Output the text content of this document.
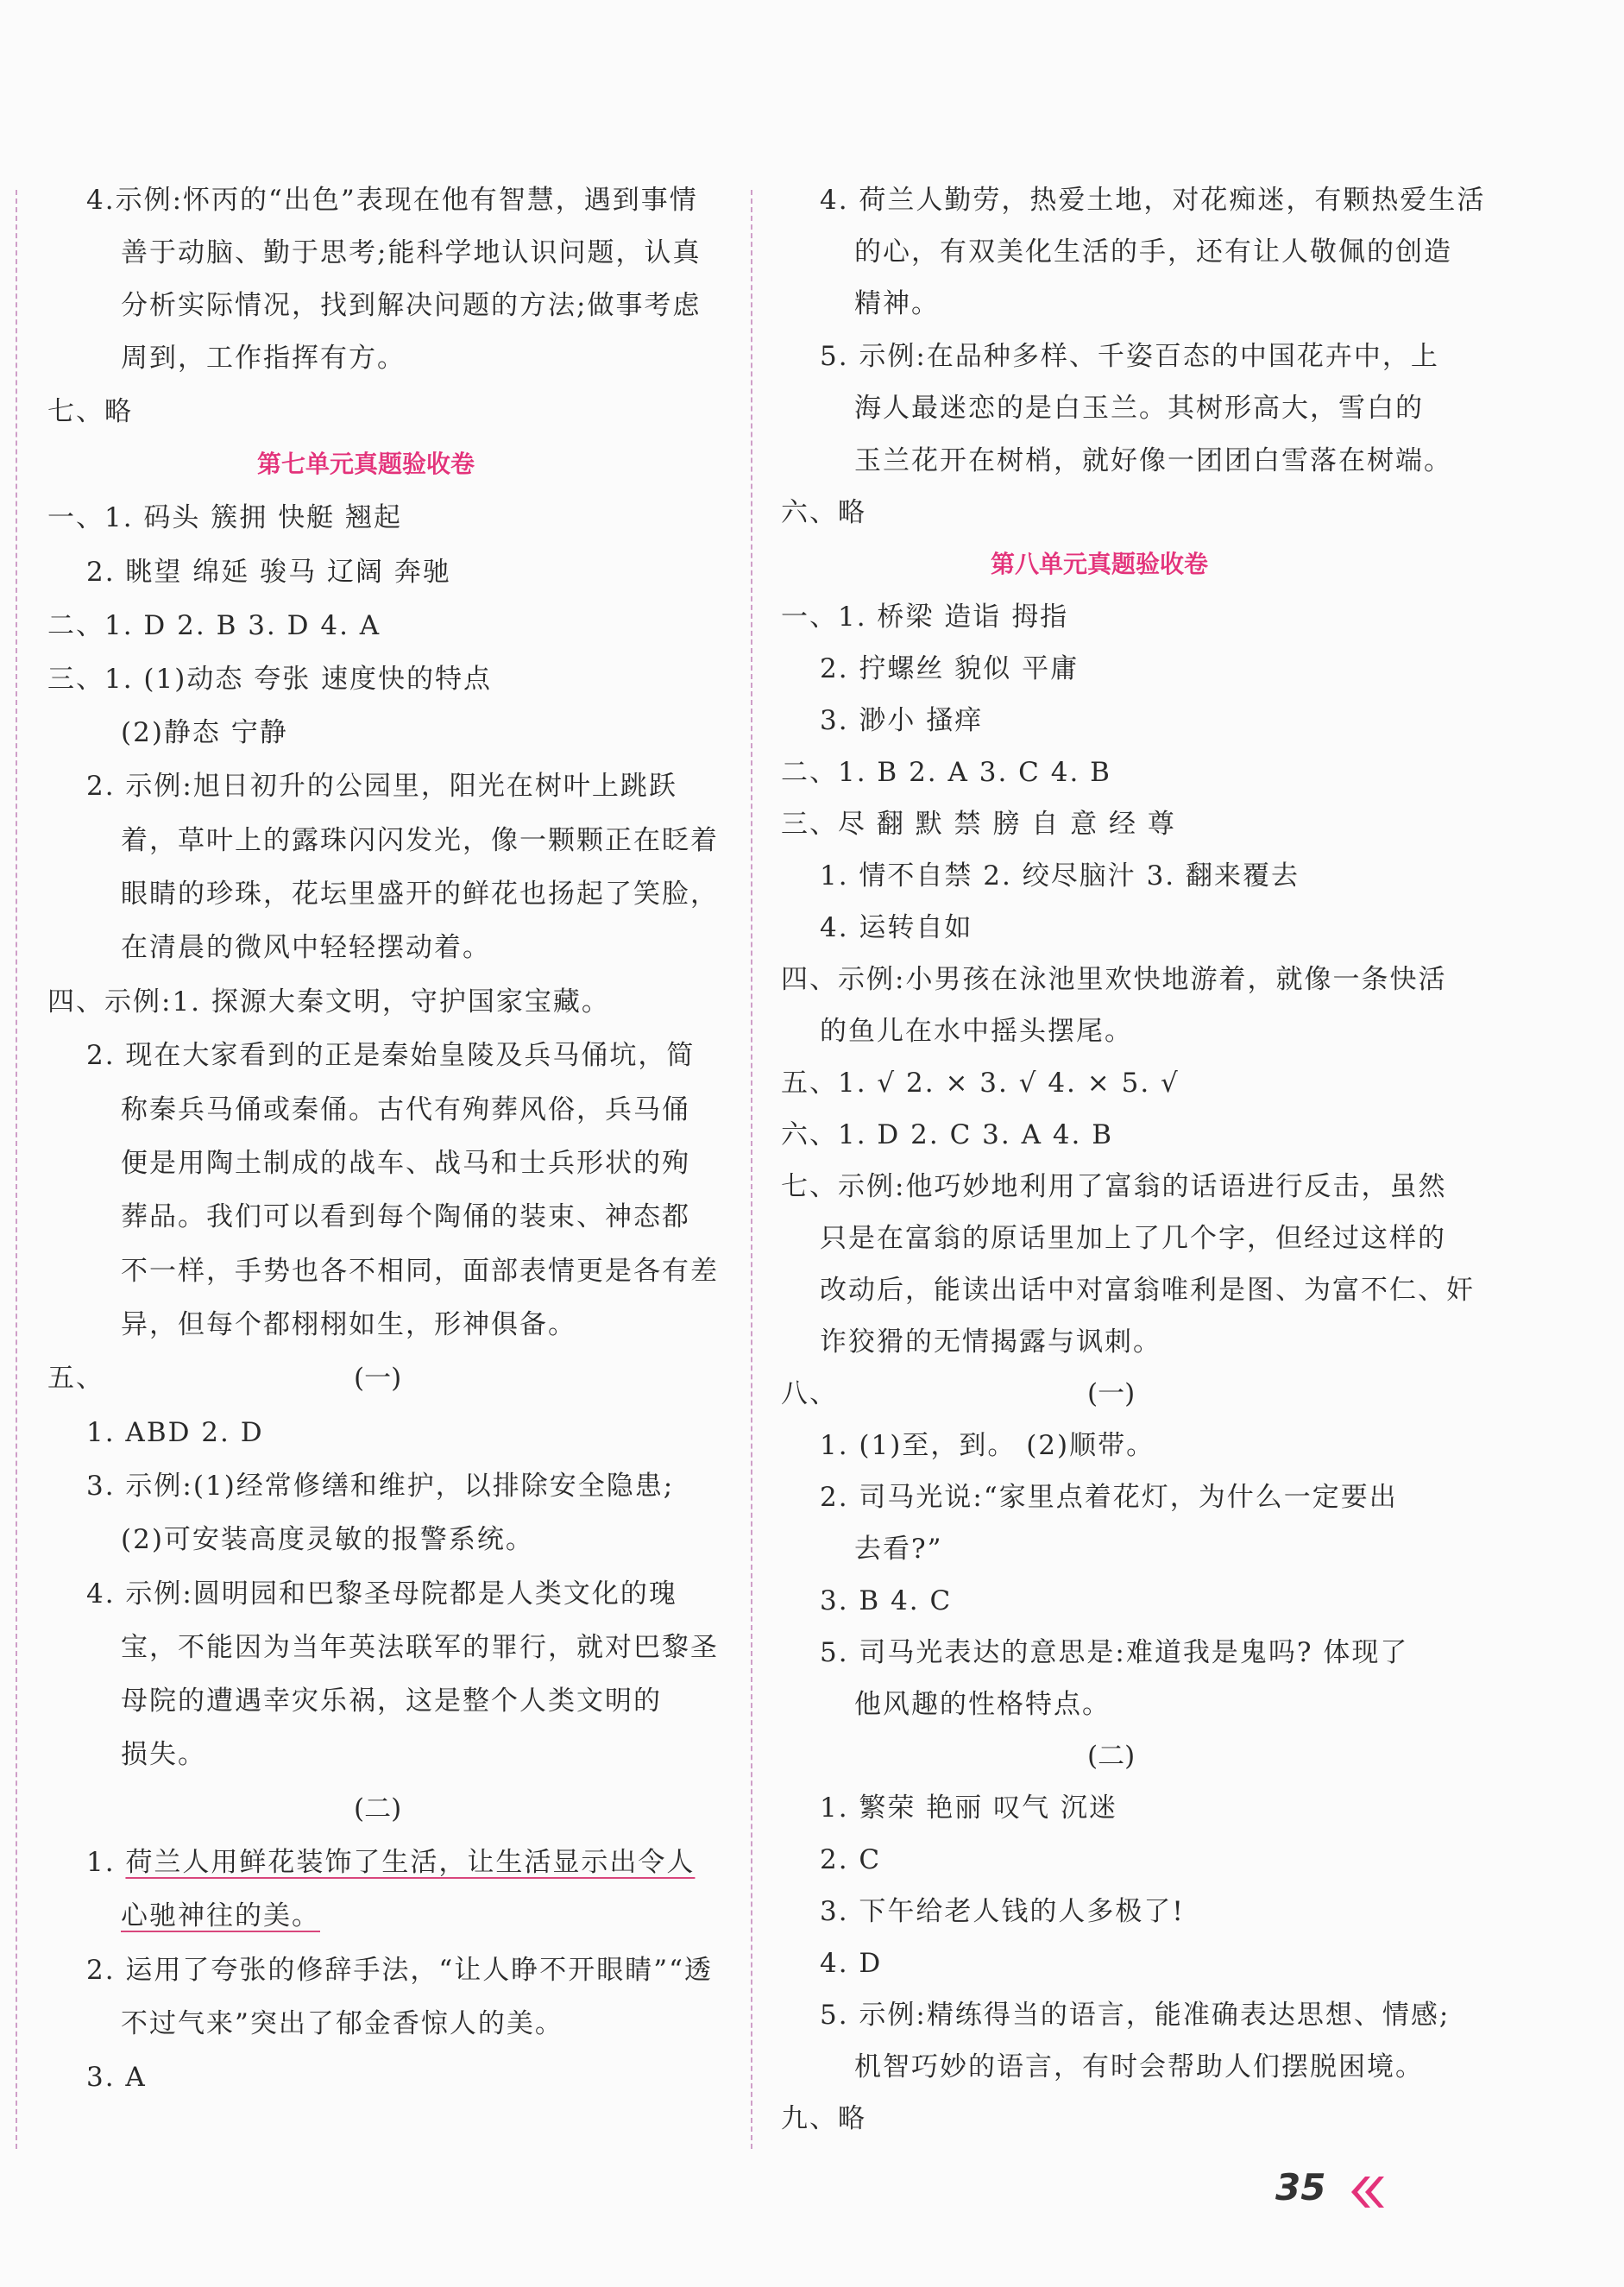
4.示例:怀丙的“出色”表现在他有智慧，遇到事情
善于动脑、勤于思考;能科学地认识问题，认真
分析实际情况，找到解决问题的方法;做事考虑
周到，工作指挥有方。
七、略
第七单元真题验收卷
一、1. 码头 簇拥 快艇 翘起
2. 眺望 绵延 骏马 辽阔 奔驰
二、1. D 2. B 3. D 4. A
三、1. (1)动态 夸张 速度快的特点
(2)静态 宁静
2. 示例:旭日初升的公园里，阳光在树叶上跳跃
着，草叶上的露珠闪闪发光，像一颗颗正在眨着
眼睛的珍珠，花坛里盛开的鲜花也扬起了笑脸，
在清晨的微风中轻轻摆动着。
四、示例:1. 探源大秦文明，守护国家宝藏。
2. 现在大家看到的正是秦始皇陵及兵马俑坑，简
称秦兵马俑或秦俑。古代有殉葬风俗，兵马俑
便是用陶土制成的战车、战马和士兵形状的殉
葬品。我们可以看到每个陶俑的装束、神态都
不一样，手势也各不相同，面部表情更是各有差
异，但每个都栩栩如生，形神俱备。
五、	(一)
1. ABD 2. D
3. 示例:(1)经常修缮和维护，以排除安全隐患;
(2)可安装高度灵敏的报警系统。
4. 示例:圆明园和巴黎圣母院都是人类文化的瑰
宝，不能因为当年英法联军的罪行，就对巴黎圣
母院的遭遇幸灾乐祸，这是整个人类文明的
损失。
(二)
1. 荷兰人用鲜花装饰了生活，让生活显示出令人
心驰神往的美。
2. 运用了夸张的修辞手法，“让人睁不开眼睛”“透
不过气来”突出了郁金香惊人的美。
3. A
4. 荷兰人勤劳，热爱土地，对花痴迷，有颗热爱生活
的心，有双美化生活的手，还有让人敬佩的创造
精神。
5. 示例:在品种多样、千姿百态的中国花卉中，上
海人最迷恋的是白玉兰。其树形高大，雪白的
玉兰花开在树梢，就好像一团团白雪落在树端。
六、略
第八单元真题验收卷
一、1. 桥梁 造诣 拇指
2. 拧螺丝 貌似 平庸
3. 渺小 搔痒
二、1. B 2. A 3. C 4. B
三、尽 翻 默 禁 膀 自 意 经 尊
1. 情不自禁 2. 绞尽脑汁 3. 翻来覆去
4. 运转自如
四、示例:小男孩在泳池里欢快地游着，就像一条快活
的鱼儿在水中摇头摆尾。
五、1. √ 2. × 3. √ 4. × 5. √
六、1. D 2. C 3. A 4. B
七、示例:他巧妙地利用了富翁的话语进行反击，虽然
只是在富翁的原话里加上了几个字，但经过这样的
改动后，能读出话中对富翁唯利是图、为富不仁、奸
诈狡猾的无情揭露与讽刺。
八、	(一)
1. (1)至，到。 (2)顺带。
2. 司马光说:“家里点着花灯，为什么一定要出
去看?”
3. B 4. C
5. 司马光表达的意思是:难道我是鬼吗? 体现了
他风趣的性格特点。
(二)
1. 繁荣 艳丽 叹气 沉迷
2. C
3. 下午给老人钱的人多极了!
4. D
5. 示例:精练得当的语言，能准确表达思想、情感;
机智巧妙的语言，有时会帮助人们摆脱困境。
九、略
35
